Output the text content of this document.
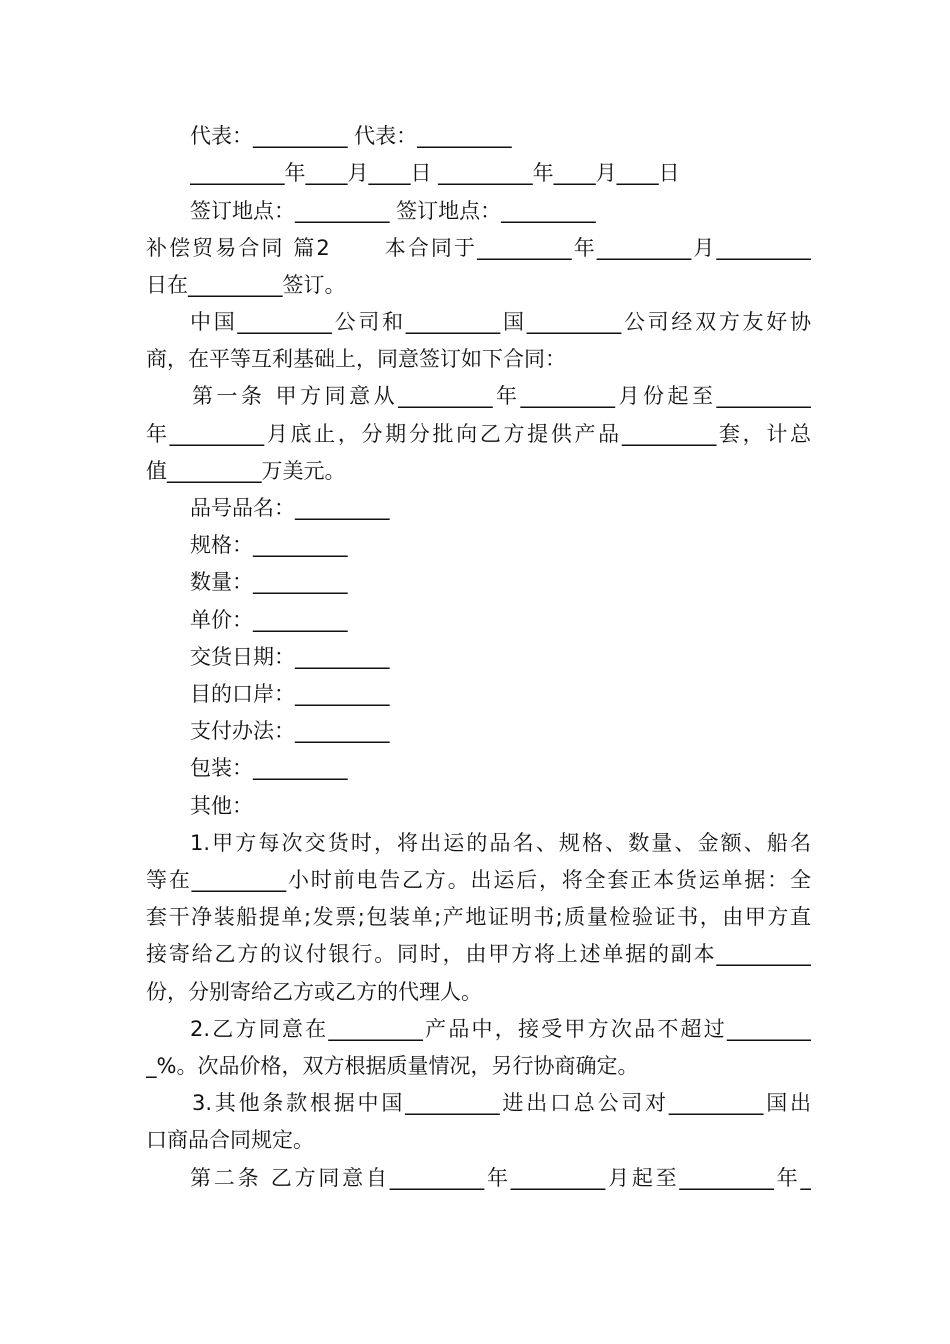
代表：_________ 代表：_________
_________年____月____日 _________年____月____日
签订地点：_________ 签订地点：_________
补偿贸易合同 篇2 　　本合同于_________年_________月_________
日在_________签订。
中国_________公司和_________国_________公司经双方友好协
商，在平等互利基础上，同意签订如下合同：
第一条 甲方同意从_________年_________月份起至_________
年_________月底止，分期分批向乙方提供产品_________套，计总
值_________万美元。
品号品名：_________
规格：_________
数量：_________
单价：_________
交货日期：_________
目的口岸：_________
支付办法：_________
包装：_________
其他：
1.甲方每次交货时，将出运的品名、规格、数量、金额、船名
等在_________小时前电告乙方。出运后，将全套正本货运单据：全
套干净装船提单;发票;包装单;产地证明书;质量检验证书，由甲方直
接寄给乙方的议付银行。同时，由甲方将上述单据的副本_________
份，分别寄给乙方或乙方的代理人。
2.乙方同意在_________产品中，接受甲方次品不超过________
_%。次品价格，双方根据质量情况，另行协商确定。
3.其他条款根据中国_________进出口总公司对_________国出
口商品合同规定。
第二条 乙方同意自_________年_________月起至_________年_
